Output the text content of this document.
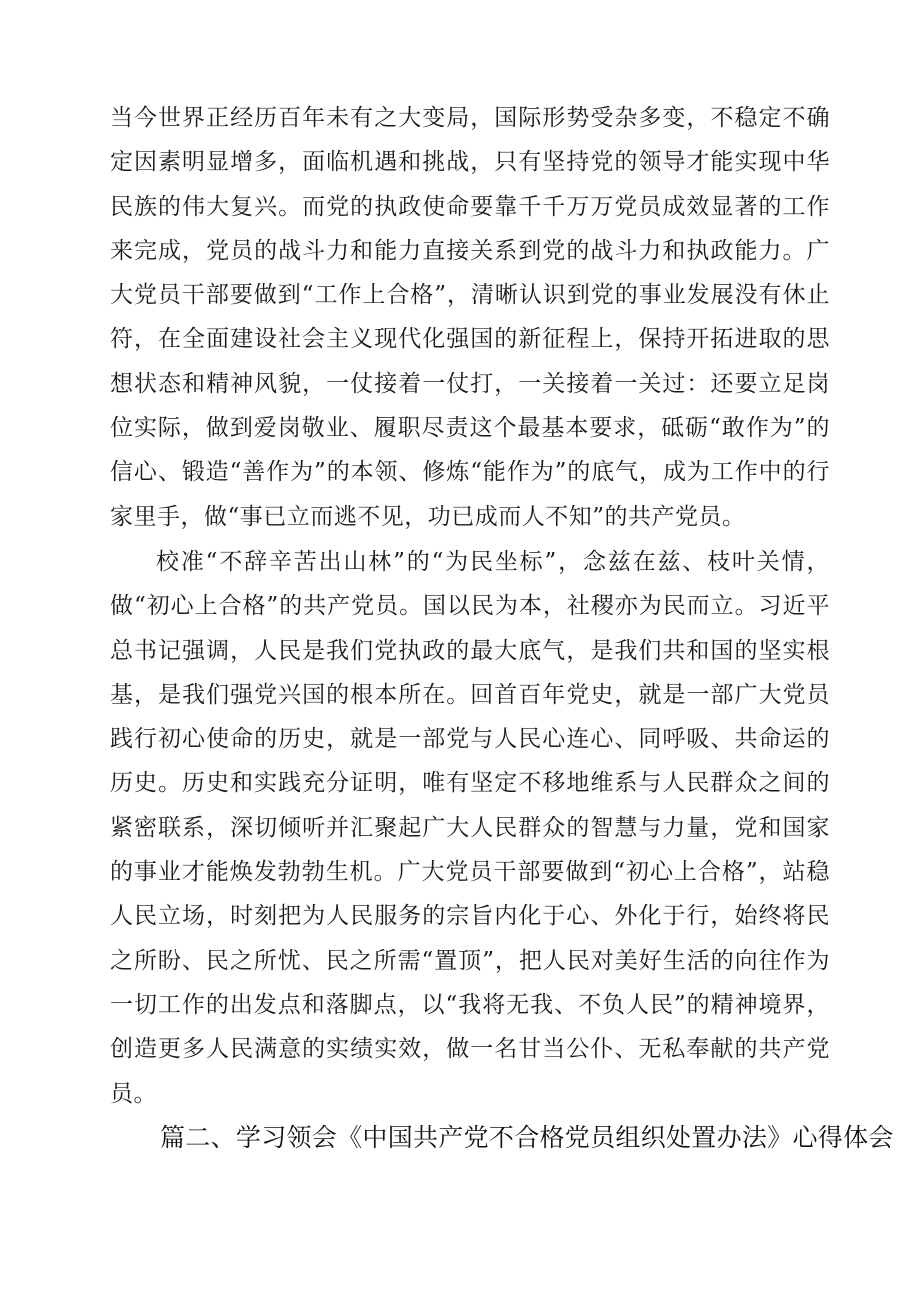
当今世界正经历百年未有之大变局，国际形势受杂多变，不稳定不确定因素明显增多，面临机遇和挑战，只有坚持党的领导才能实现中华民族的伟大复兴。而党的执政使命要靠千千万万党员成效显著的工作来完成，党员的战斗力和能力直接关系到党的战斗力和执政能力。广大党员干部要做到“工作上合格”，清晰认识到党的事业发展没有休止符，在全面建设社会主义现代化强国的新征程上，保持开拓进取的思想状态和精神风貌，一仗接着一仗打，一关接着一关过：还要立足岗位实际，做到爱岗敬业、履职尽责这个最基本要求，砥砺“敢作为”的信心、锻造“善作为”的本领、修炼“能作为”的底气，成为工作中的行家里手，做“事已立而逃不见，功已成而人不知”的共产党员。

校准“不辞辛苦出山林”的“为民坐标”，念兹在兹、枝叶关情，做“初心上合格”的共产党员。国以民为本，社稷亦为民而立。习近平总书记强调，人民是我们党执政的最大底气，是我们共和国的坚实根基，是我们强党兴国的根本所在。回首百年党史，就是一部广大党员践行初心使命的历史，就是一部党与人民心连心、同呼吸、共命运的历史。历史和实践充分证明，唯有坚定不移地维系与人民群众之间的紧密联系，深切倾听并汇聚起广大人民群众的智慧与力量，党和国家的事业才能焕发勃勃生机。广大党员干部要做到“初心上合格”，站稳人民立场，时刻把为人民服务的宗旨内化于心、外化于行，始终将民之所盼、民之所忧、民之所需“置顶”，把人民对美好生活的向往作为一切工作的出发点和落脚点，以“我将无我、不负人民”的精神境界，创造更多人民满意的实绩实效，做一名甘当公仆、无私奉献的共产党员。

篇二、学习领会《中国共产党不合格党员组织处置办法》心得体会
